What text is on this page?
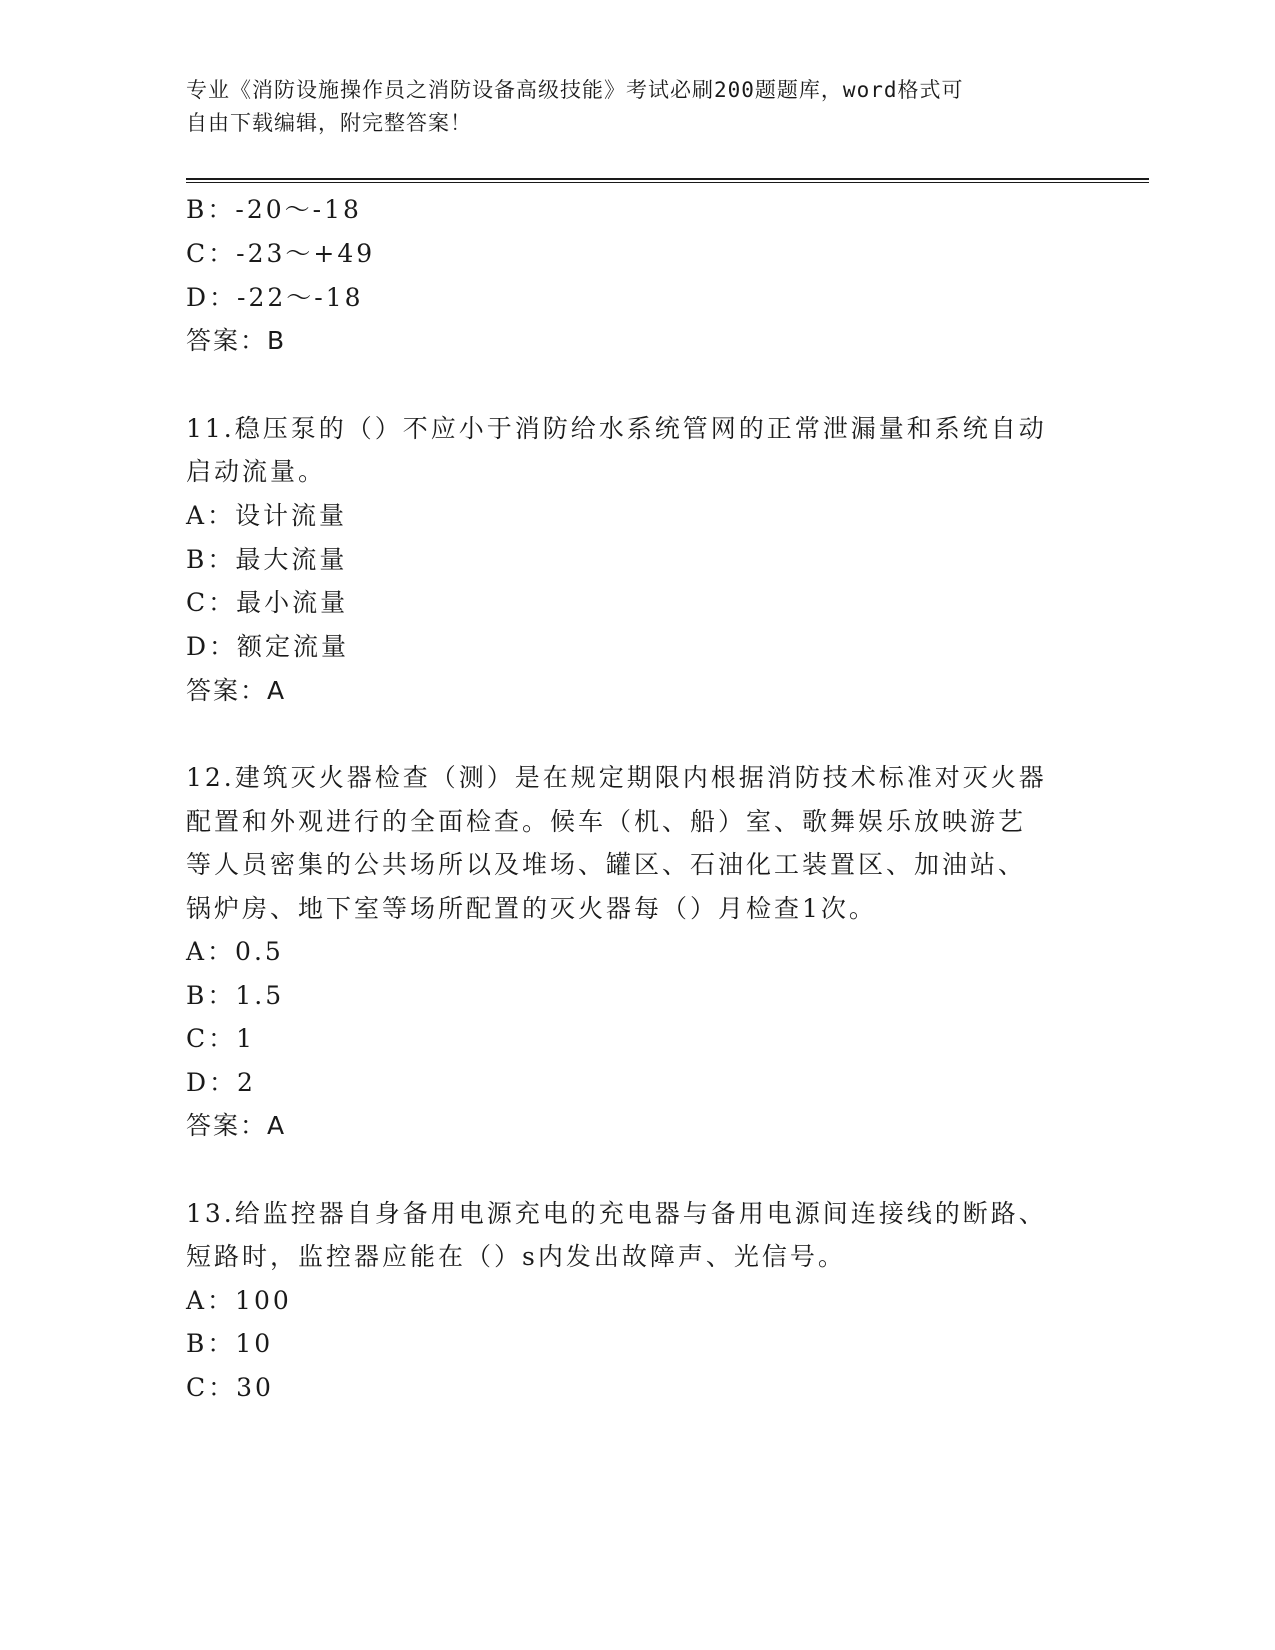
专业《消防设施操作员之消防设备高级技能》考试必刷200题题库，word格式可
自由下载编辑，附完整答案！
B：-20～-18
C：-23～+49
D：-22～-18
答案：B
11.稳压泵的（）不应小于消防给水系统管网的正常泄漏量和系统自动
启动流量。
A：设计流量
B：最大流量
C：最小流量
D：额定流量
答案：A
12.建筑灭火器检查（测）是在规定期限内根据消防技术标准对灭火器
配置和外观进行的全面检查。候车（机、船）室、歌舞娱乐放映游艺
等人员密集的公共场所以及堆场、罐区、石油化工装置区、加油站、
锅炉房、地下室等场所配置的灭火器每（）月检查1次。
A：0.5
B：1.5
C：1
D：2
答案：A
13.给监控器自身备用电源充电的充电器与备用电源间连接线的断路、
短路时，监控器应能在（）s内发出故障声、光信号。
A：100
B：10
C：30
